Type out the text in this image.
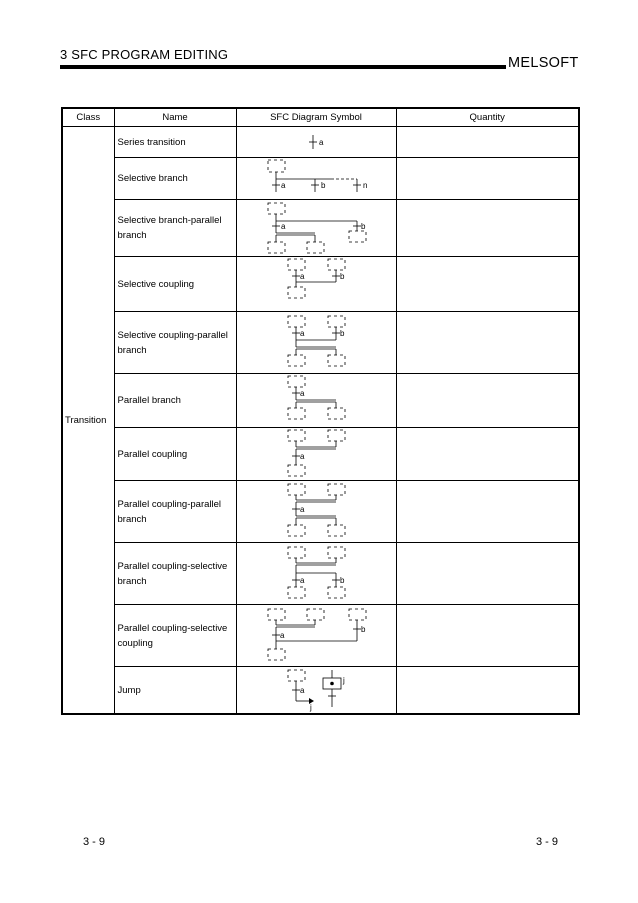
3 SFC PROGRAM EDITING
MELSOFT
Class	Name	SFC Diagram Symbol	Quantity
Transition	Series transition	a	

	Selective branch	a b n	

	Selective branch-parallel branch	a b	

	Selective coupling	a b	

	Selective coupling-parallel branch	a b	

	Parallel branch	a	

	Parallel coupling	a	

	Parallel coupling-parallel branch	a	

	Parallel coupling-selective branch	a b	

	Parallel coupling-selective coupling	a
b	

	Jump	a
j
j	

3 - 9	3 - 9
